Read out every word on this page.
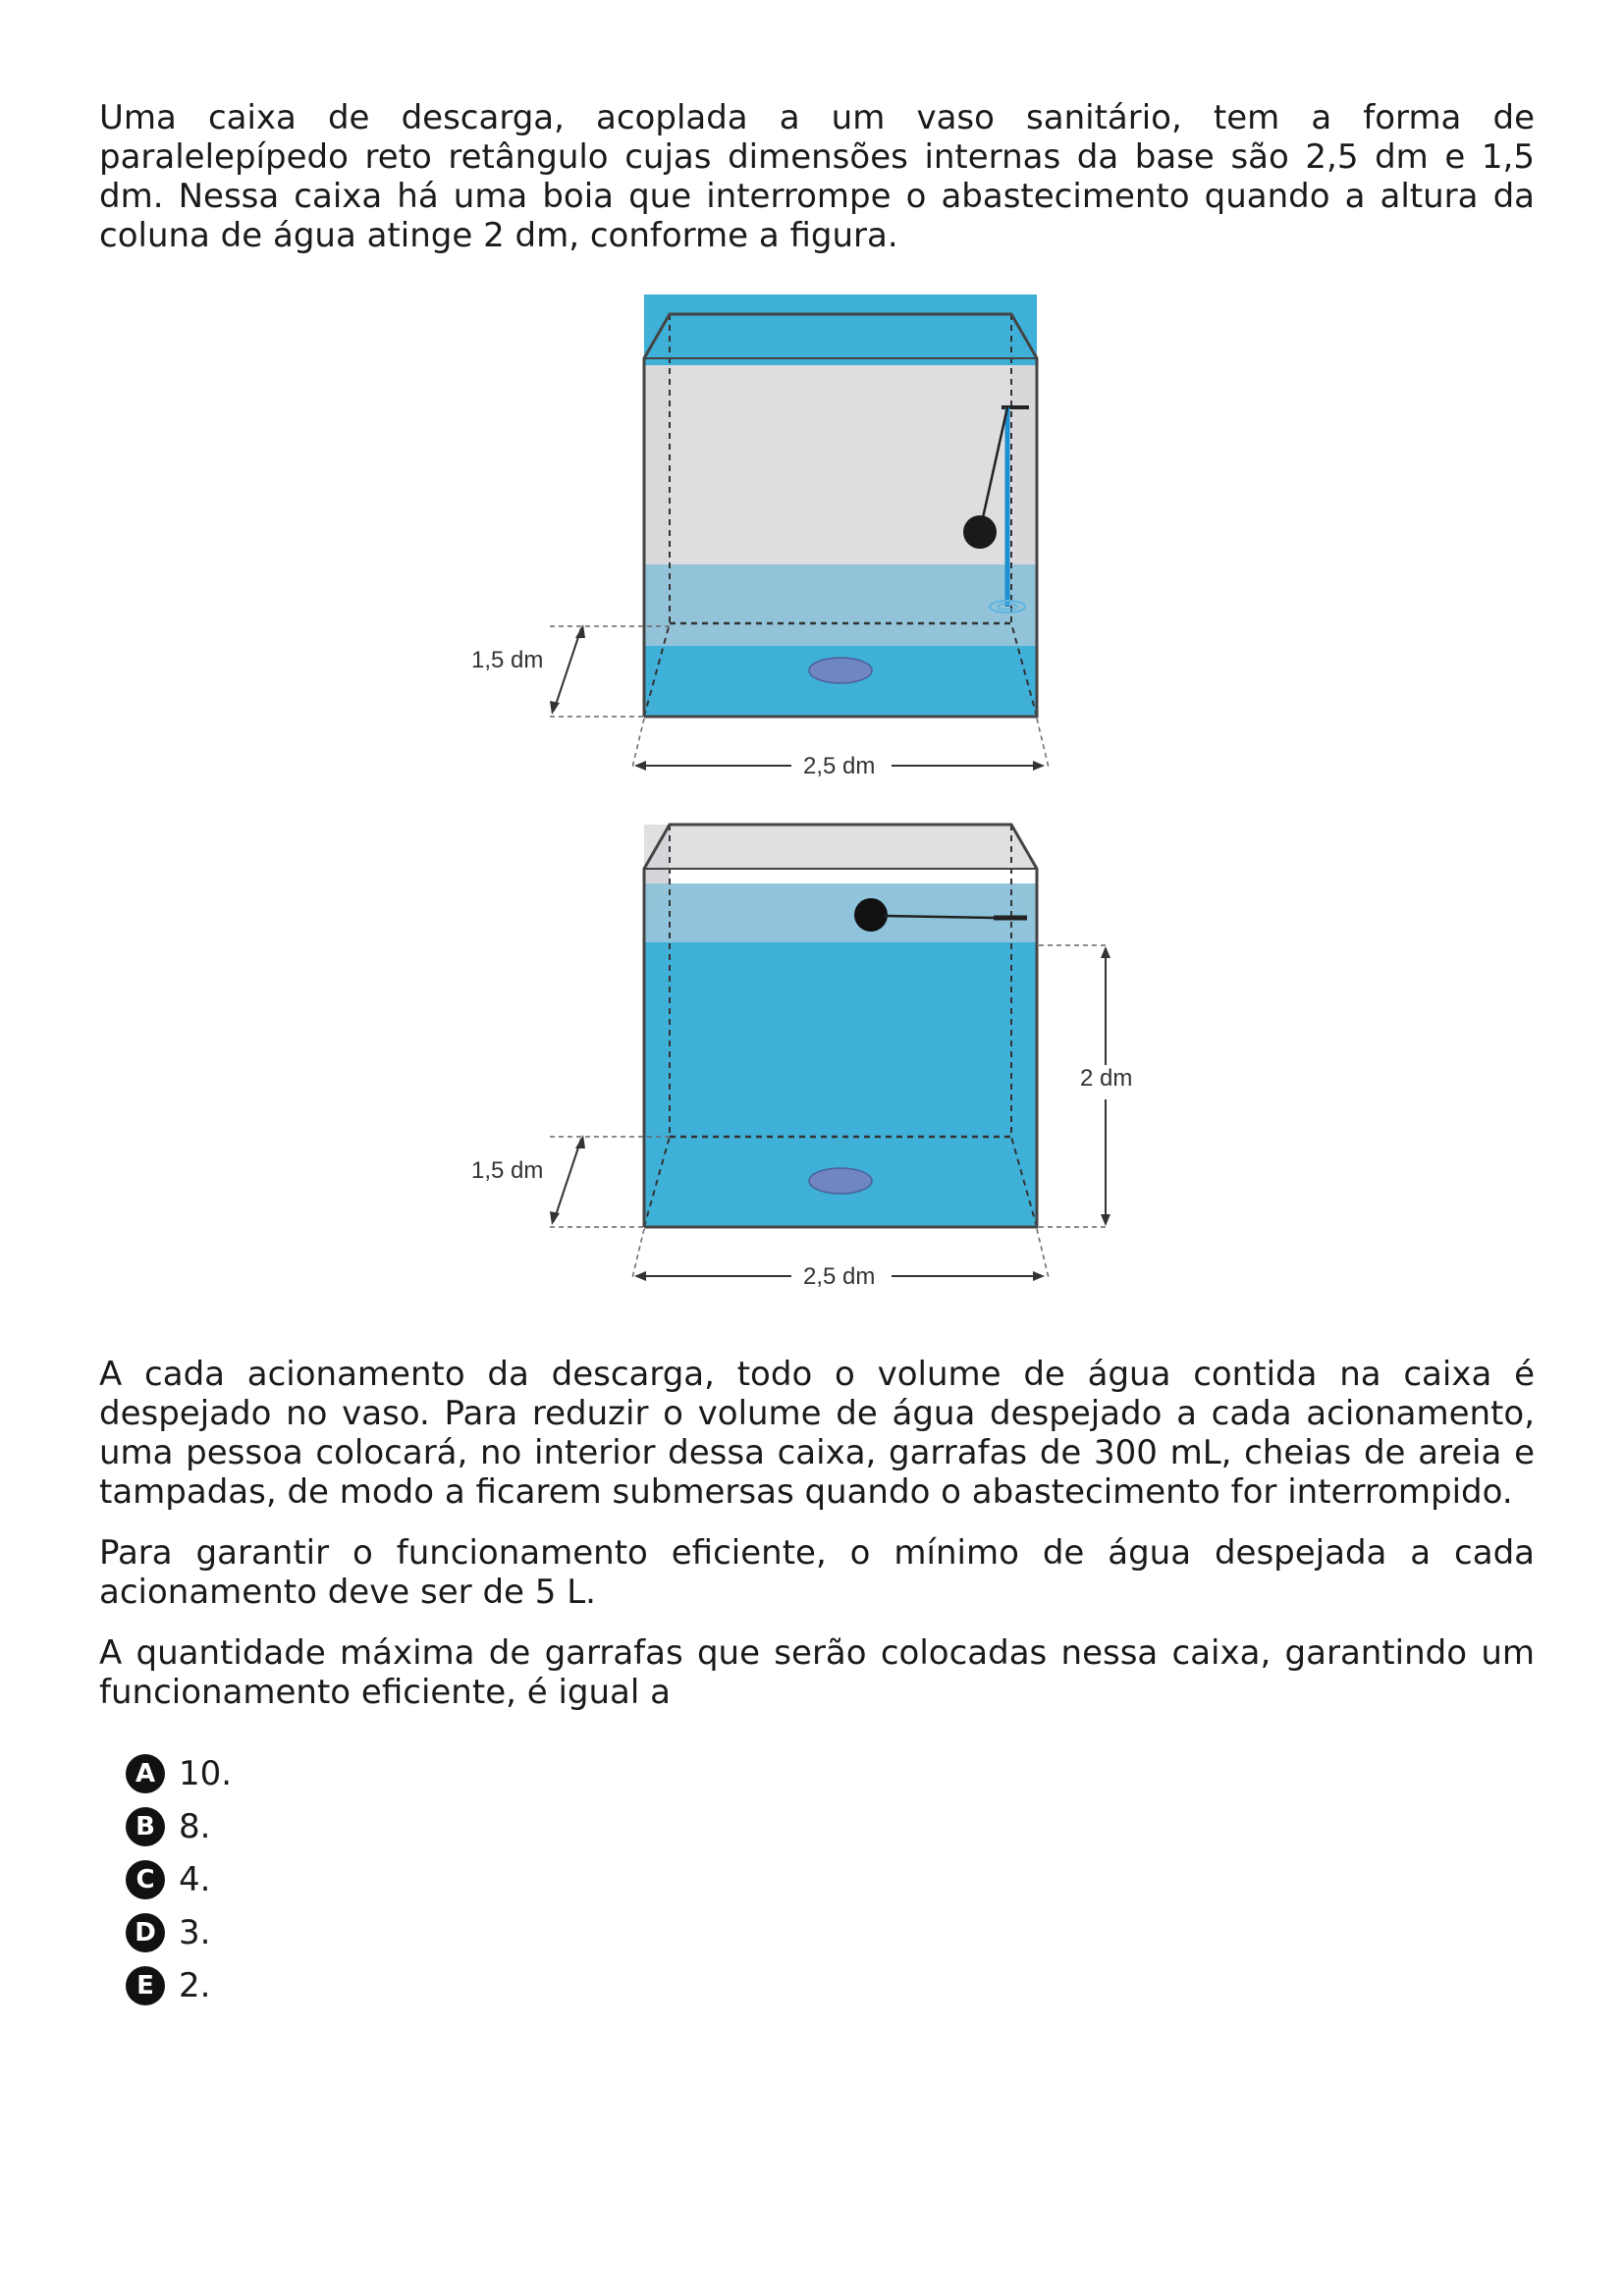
Uma caixa de descarga, acoplada a um vaso sanitário, tem a forma de paralelepípedo reto retângulo cujas dimensões internas da base são 2,5 dm e 1,5 dm. Nessa caixa há uma boia que interrompe o abastecimento quando a altura da coluna de água atinge 2 dm, conforme a figura.

1,5 dm
2,5 dm
2 dm
1,5 dm
2,5 dm

A cada acionamento da descarga, todo o volume de água contida na caixa é despejado no vaso. Para reduzir o volume de água despejado a cada acionamento, uma pessoa colocará, no interior dessa caixa, garrafas de 300 mL, cheias de areia e tampadas, de modo a ficarem submersas quando o abastecimento for interrompido.

Para garantir o funcionamento eficiente, o mínimo de água despejada a cada acionamento deve ser de 5 L.

A quantidade máxima de garrafas que serão colocadas nessa caixa, garantindo um funcionamento eficiente, é igual a

A 10.
B 8.
C 4.
D 3.
E 2.
